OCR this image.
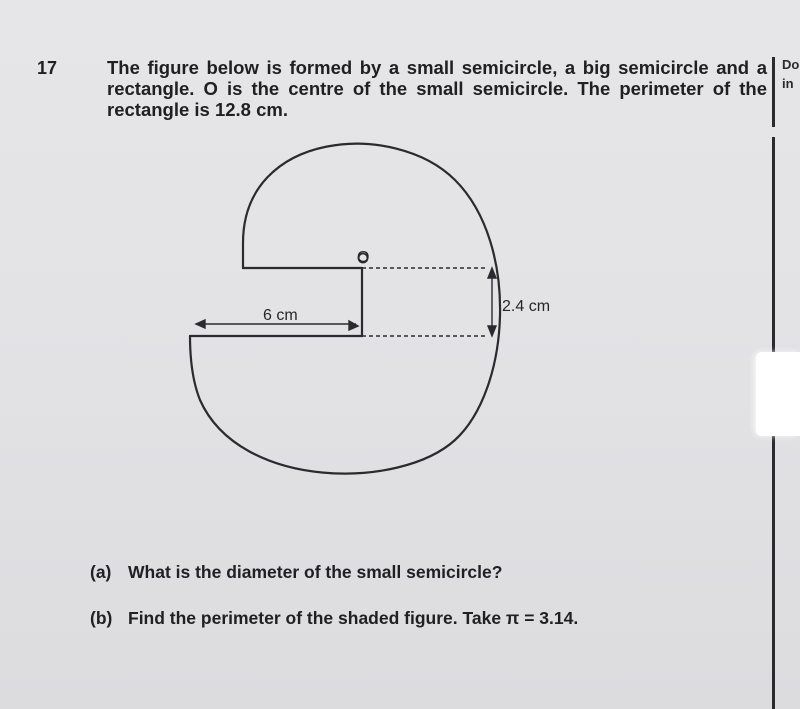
17	The figure below is formed by a small semicircle, a big semicircle and a rectangle. O is the centre of the small semicircle. The perimeter of the rectangle is 12.8 cm.

Do
in
O
6 cm
2.4 cm
(a) What is the diameter of the small semicircle?
(b) Find the perimeter of the shaded figure. Take π = 3.14.
